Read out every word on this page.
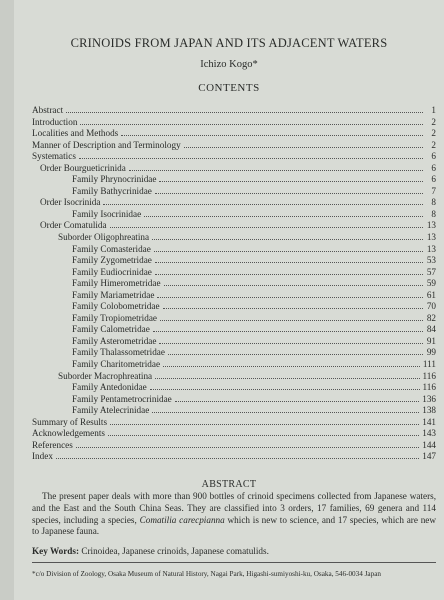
CRINOIDS FROM JAPAN AND ITS ADJACENT WATERS
Ichizo Kogo*
CONTENTS
Abstract	1
Introduction	2
Localities and Methods	2
Manner of Description and Terminology	2
Systematics	6
Order Bourgueticrinida	6
Family Phrynocrinidae	6
Family Bathycrinidae	7
Order Isocrinida	8
Family Isocrinidae	8
Order Comatulida	13
Suborder Oligophreatina	13
Family Comasteridae	13
Family Zygometridae	53
Family Eudiocrinidae	57
Family Himerometridae	59
Family Mariametridae	61
Family Colobometridae	70
Family Tropiometridae	82
Family Calometridae	84
Family Asterometridae	91
Family Thalassometridae	99
Family Charitometridae	111
Suborder Macrophreatina	116
Family Antedonidae	116
Family Pentametrocrinidae	136
Family Atelecrinidae	138
Summary of Results	141
Acknowledgements	143
References	144
Index	147
ABSTRACT
The present paper deals with more than 900 bottles of crinoid specimens collected from Japanese waters, and the East and the South China Seas. They are classified into 3 orders, 17 families, 69 genera and 114 species, including a species, Comatilia carecpianna which is new to science, and 17 species, which are new to Japanese fauna.
Key Words: Crinoidea, Japanese crinoids, Japanese comatulids.
*c/o Division of Zoology, Osaka Museum of Natural History, Nagai Park, Higashi-sumiyoshi-ku, Osaka, 546-0034 Japan
